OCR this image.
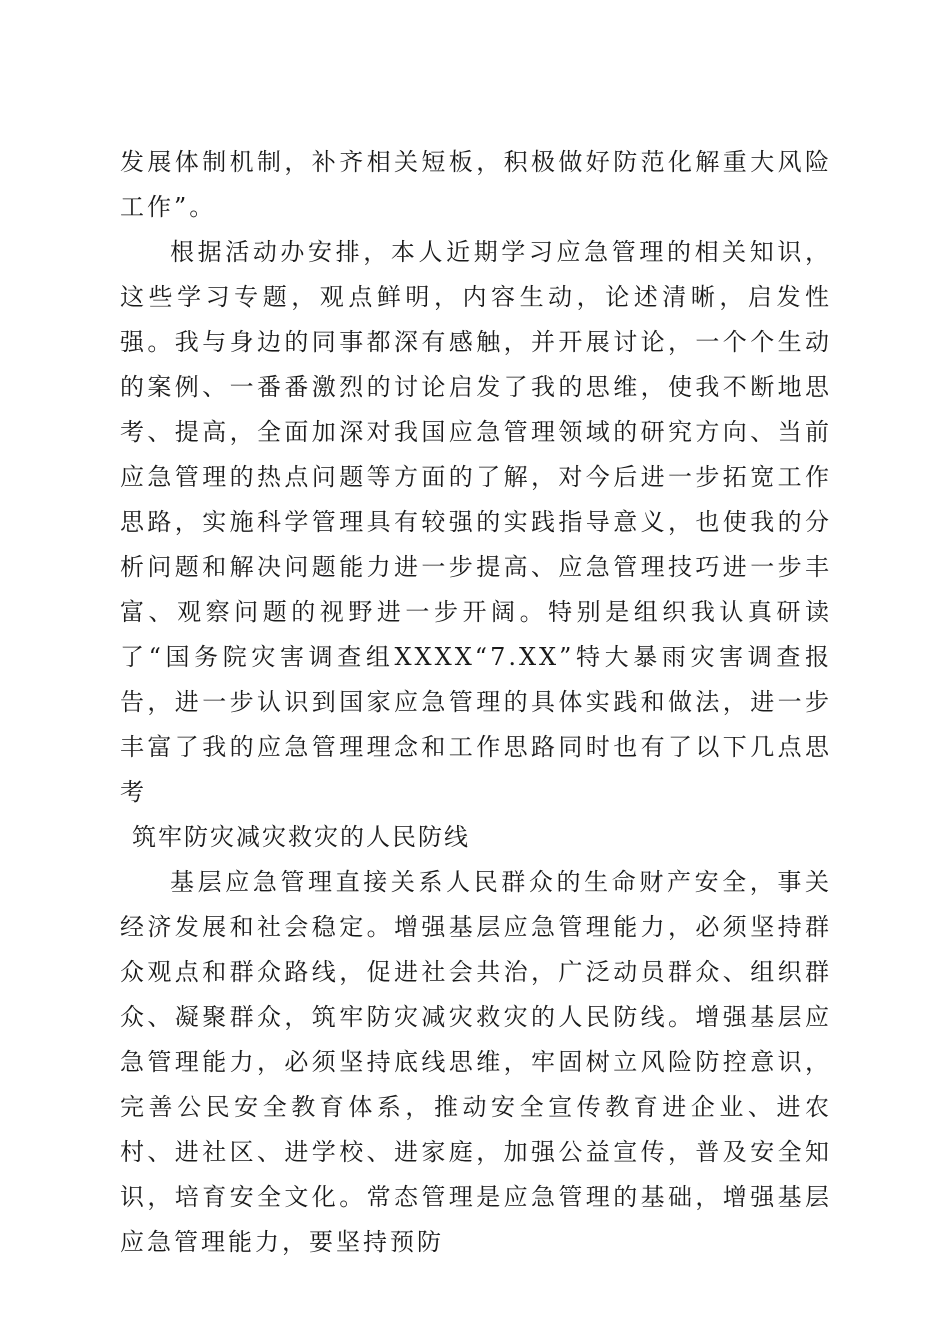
发展体制机制，补齐相关短板，积极做好防范化解重大风险工作”。

根据活动办安排，本人近期学习应急管理的相关知识，这些学习专题，观点鲜明，内容生动，论述清晰，启发性强。我与身边的同事都深有感触，并开展讨论，一个个生动的案例、一番番激烈的讨论启发了我的思维，使我不断地思考、提高，全面加深对我国应急管理领域的研究方向、当前应急管理的热点问题等方面的了解，对今后进一步拓宽工作思路，实施科学管理具有较强的实践指导意义，也使我的分析问题和解决问题能力进一步提高、应急管理技巧进一步丰富、观察问题的视野进一步开阔。特别是组织我认真研读了“国务院灾害调查组XXXX“7.XX”特大暴雨灾害调查报告，进一步认识到国家应急管理的具体实践和做法，进一步丰富了我的应急管理理念和工作思路同时也有了以下几点思考

筑牢防灾减灾救灾的人民防线

基层应急管理直接关系人民群众的生命财产安全，事关经济发展和社会稳定。增强基层应急管理能力，必须坚持群众观点和群众路线，促进社会共治，广泛动员群众、组织群众、凝聚群众，筑牢防灾减灾救灾的人民防线。增强基层应急管理能力，必须坚持底线思维，牢固树立风险防控意识，完善公民安全教育体系，推动安全宣传教育进企业、进农村、进社区、进学校、进家庭，加强公益宣传，普及安全知识，培育安全文化。常态管理是应急管理的基础，增强基层应急管理能力，要坚持预防
